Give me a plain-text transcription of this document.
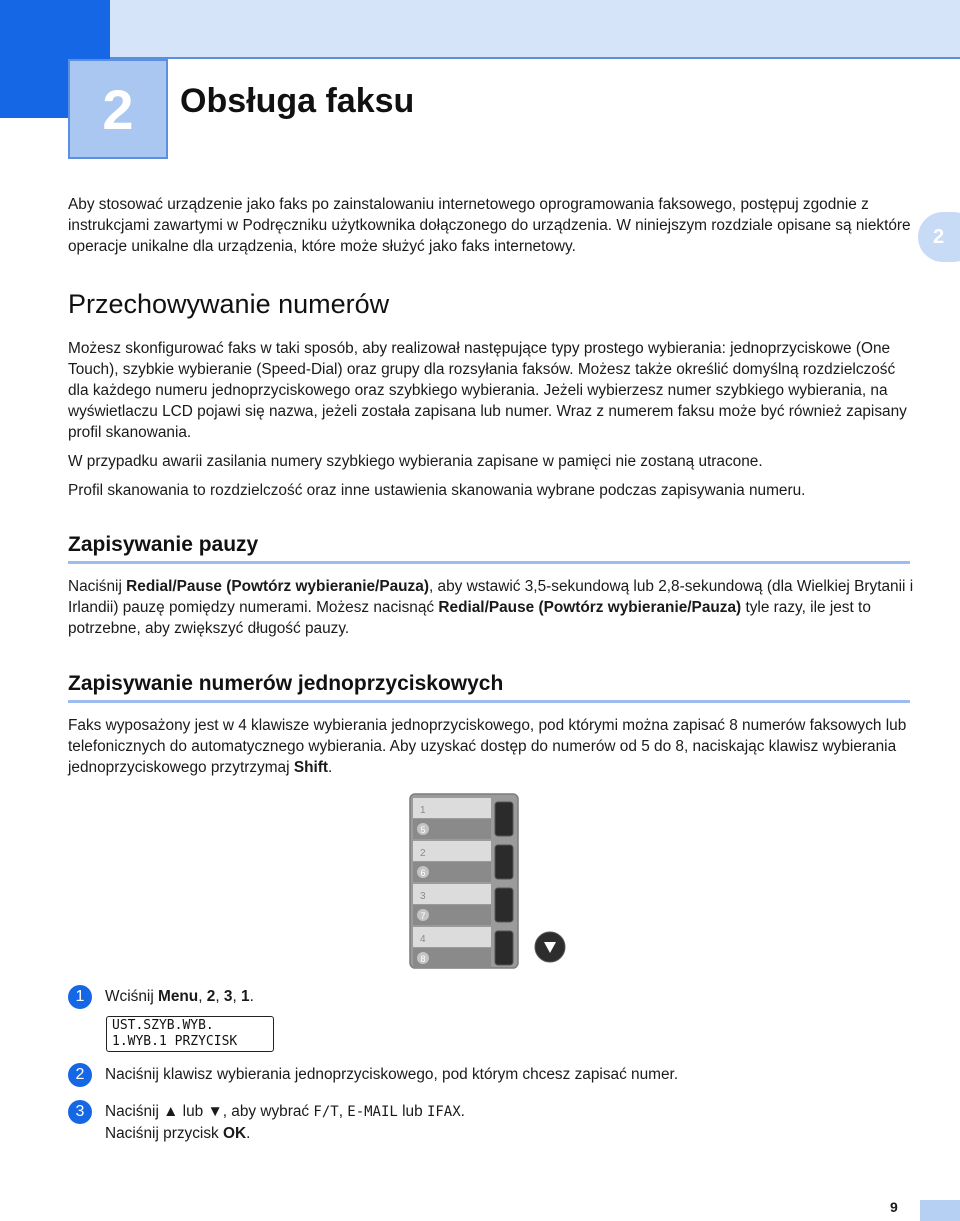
2	Obsługa faksu
2

Aby stosować urządzenie jako faks po zainstalowaniu internetowego oprogramowania faksowego, postępuj zgodnie z instrukcjami zawartymi w Podręczniku użytkownika dołączonego do urządzenia. W niniejszym rozdziale opisane są niektóre operacje unikalne dla urządzenia, które może służyć jako faks internetowy.

Przechowywanie numerów

Możesz skonfigurować faks w taki sposób, aby realizował następujące typy prostego wybierania: jednoprzyciskowe (One Touch), szybkie wybieranie (Speed-Dial) oraz grupy dla rozsyłania faksów. Możesz także określić domyślną rozdzielczość dla każdego numeru jednoprzyciskowego oraz szybkiego wybierania. Jeżeli wybierzesz numer szybkiego wybierania, na wyświetlaczu LCD pojawi się nazwa, jeżeli została zapisana lub numer. Wraz z numerem faksu może być również zapisany profil skanowania.

W przypadku awarii zasilania numery szybkiego wybierania zapisane w pamięci nie zostaną utracone.

Profil skanowania to rozdzielczość oraz inne ustawienia skanowania wybrane podczas zapisywania numeru.

Zapisywanie pauzy

Naciśnij Redial/Pause (Powtórz wybieranie/Pauza), aby wstawić 3,5-sekundową lub 2,8-sekundową (dla Wielkiej Brytanii i Irlandii) pauzę pomiędzy numerami. Możesz nacisnąć Redial/Pause (Powtórz wybieranie/Pauza) tyle razy, ile jest to potrzebne, aby zwiększyć długość pauzy.

Zapisywanie numerów jednoprzyciskowych

Faks wyposażony jest w 4 klawisze wybierania jednoprzyciskowego, pod którymi można zapisać 8 numerów faksowych lub telefonicznych do automatycznego wybierania. Aby uzyskać dostęp do numerów od 5 do 8, naciskając klawisz wybierania jednoprzyciskowego przytrzymaj Shift.

1
5
2
6
3
7
4
8
Shift
1	Wciśnij Menu, 2, 3, 1.

UST.SZYB.WYB.
1.WYB.1 PRZYCISK
2	Naciśnij klawisz wybierania jednoprzyciskowego, pod którym chcesz zapisać numer.

3	Naciśnij ▲ lub ▼, aby wybrać F/T, E-MAIL lub IFAX.
Naciśnij przycisk OK.
9
